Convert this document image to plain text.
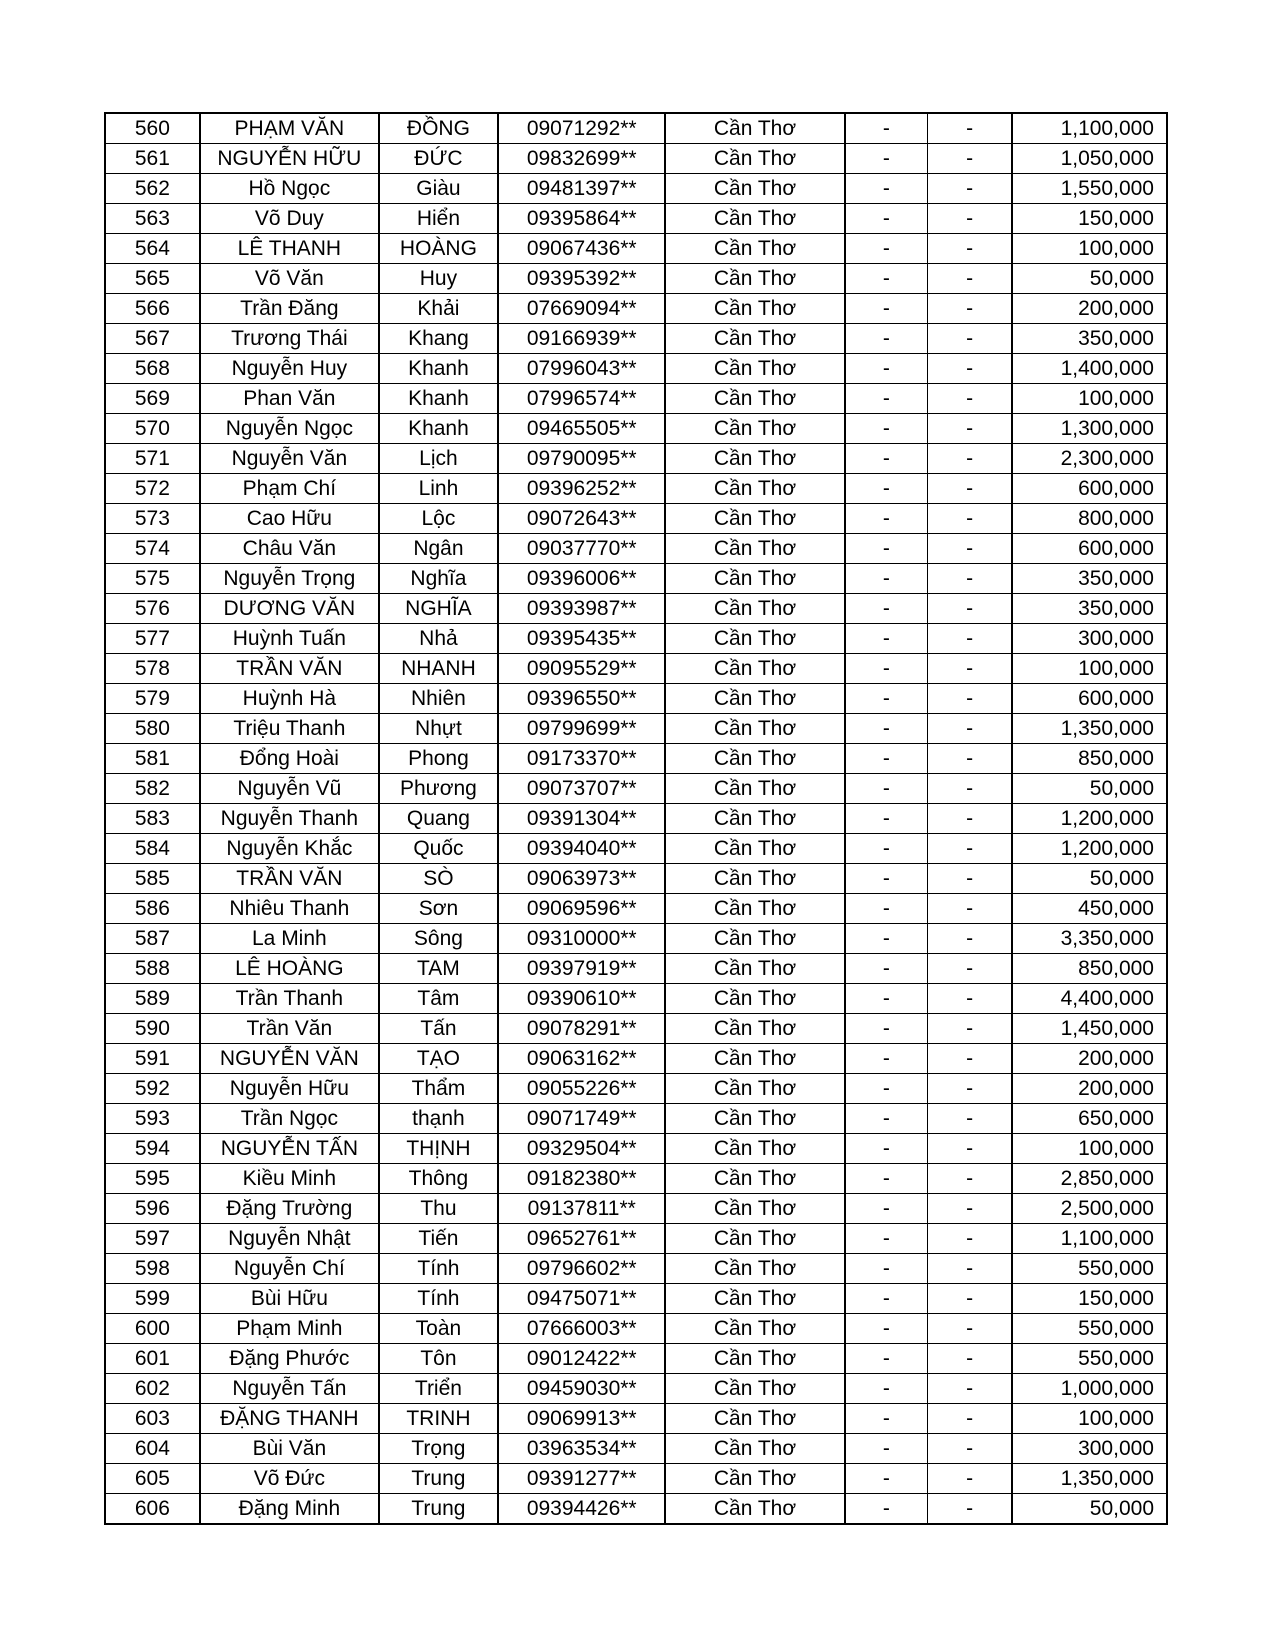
560	PHẠM VĂN	ĐỒNG	09071292**	Cần Thơ	-	-	1,100,000
561	NGUYỄN HỮU	ĐỨC	09832699**	Cần Thơ	-	-	1,050,000
562	Hồ Ngọc	Giàu	09481397**	Cần Thơ	-	-	1,550,000
563	Võ Duy	Hiển	09395864**	Cần Thơ	-	-	150,000
564	LÊ THANH	HOÀNG	09067436**	Cần Thơ	-	-	100,000
565	Võ Văn	Huy	09395392**	Cần Thơ	-	-	50,000
566	Trần Đăng	Khải	07669094**	Cần Thơ	-	-	200,000
567	Trương Thái	Khang	09166939**	Cần Thơ	-	-	350,000
568	Nguyễn Huy	Khanh	07996043**	Cần Thơ	-	-	1,400,000
569	Phan Văn	Khanh	07996574**	Cần Thơ	-	-	100,000
570	Nguyễn Ngọc	Khanh	09465505**	Cần Thơ	-	-	1,300,000
571	Nguyễn Văn	Lịch	09790095**	Cần Thơ	-	-	2,300,000
572	Phạm Chí	Linh	09396252**	Cần Thơ	-	-	600,000
573	Cao Hữu	Lộc	09072643**	Cần Thơ	-	-	800,000
574	Châu Văn	Ngân	09037770**	Cần Thơ	-	-	600,000
575	Nguyễn Trọng	Nghĩa	09396006**	Cần Thơ	-	-	350,000
576	DƯƠNG VĂN	NGHĨA	09393987**	Cần Thơ	-	-	350,000
577	Huỳnh Tuấn	Nhả	09395435**	Cần Thơ	-	-	300,000
578	TRẦN VĂN	NHANH	09095529**	Cần Thơ	-	-	100,000
579	Huỳnh Hà	Nhiên	09396550**	Cần Thơ	-	-	600,000
580	Triệu Thanh	Nhựt	09799699**	Cần Thơ	-	-	1,350,000
581	Đổng Hoài	Phong	09173370**	Cần Thơ	-	-	850,000
582	Nguyễn Vũ	Phương	09073707**	Cần Thơ	-	-	50,000
583	Nguyễn Thanh	Quang	09391304**	Cần Thơ	-	-	1,200,000
584	Nguyễn Khắc	Quốc	09394040**	Cần Thơ	-	-	1,200,000
585	TRẦN VĂN	SÒ	09063973**	Cần Thơ	-	-	50,000
586	Nhiêu Thanh	Sơn	09069596**	Cần Thơ	-	-	450,000
587	La Minh	Sông	09310000**	Cần Thơ	-	-	3,350,000
588	LÊ HOÀNG	TAM	09397919**	Cần Thơ	-	-	850,000
589	Trần Thanh	Tâm	09390610**	Cần Thơ	-	-	4,400,000
590	Trần Văn	Tấn	09078291**	Cần Thơ	-	-	1,450,000
591	NGUYỄN VĂN	TẠO	09063162**	Cần Thơ	-	-	200,000
592	Nguyễn Hữu	Thẩm	09055226**	Cần Thơ	-	-	200,000
593	Trần Ngọc	thạnh	09071749**	Cần Thơ	-	-	650,000
594	NGUYỄN TẤN	THỊNH	09329504**	Cần Thơ	-	-	100,000
595	Kiều Minh	Thông	09182380**	Cần Thơ	-	-	2,850,000
596	Đặng Trường	Thu	09137811**	Cần Thơ	-	-	2,500,000
597	Nguyễn Nhật	Tiến	09652761**	Cần Thơ	-	-	1,100,000
598	Nguyễn Chí	Tính	09796602**	Cần Thơ	-	-	550,000
599	Bùi Hữu	Tính	09475071**	Cần Thơ	-	-	150,000
600	Phạm Minh	Toàn	07666003**	Cần Thơ	-	-	550,000
601	Đặng Phước	Tôn	09012422**	Cần Thơ	-	-	550,000
602	Nguyễn Tấn	Triển	09459030**	Cần Thơ	-	-	1,000,000
603	ĐẶNG THANH	TRINH	09069913**	Cần Thơ	-	-	100,000
604	Bùi Văn	Trọng	03963534**	Cần Thơ	-	-	300,000
605	Võ Đức	Trung	09391277**	Cần Thơ	-	-	1,350,000
606	Đặng Minh	Trung	09394426**	Cần Thơ	-	-	50,000
